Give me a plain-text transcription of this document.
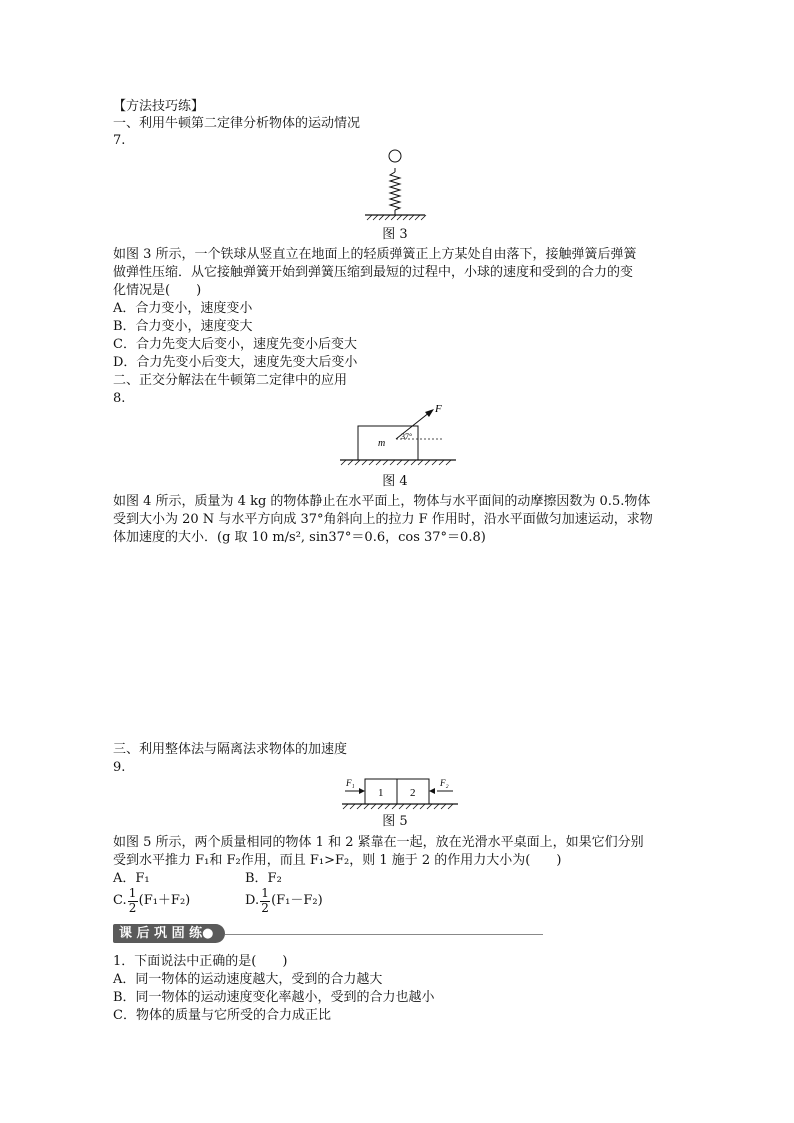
【方法技巧练】
一、利用牛顿第二定律分析物体的运动情况
7.
图 3
如图 3 所示，一个铁球从竖直立在地面上的轻质弹簧正上方某处自由落下，接触弹簧后弹簧
做弹性压缩．从它接触弹簧开始到弹簧压缩到最短的过程中，小球的速度和受到的合力的变
化情况是(　　)
A．合力变小，速度变小
B．合力变小，速度变大
C．合力先变大后变小，速度先变小后变大
D．合力先变小后变大，速度先变大后变小
二、正交分解法在牛顿第二定律中的应用
8.
m
37°
F
图 4
如图 4 所示，质量为 4 kg 的物体静止在水平面上，物体与水平面间的动摩擦因数为 0.5.物体
受到大小为 20 N 与水平方向成 37°角斜向上的拉力 F 作用时，沿水平面做匀加速运动，求物
体加速度的大小．(g 取 10 m/s², sin37°＝0.6，cos 37°＝0.8)
三、利用整体法与隔离法求物体的加速度
9.
1 2
F₁	F₂
图 5
如图 5 所示，两个质量相同的物体 1 和 2 紧靠在一起，放在光滑水平桌面上，如果它们分别
受到水平推力 F₁和 F₂作用，而且 F₁>F₂，则 1 施于 2 的作用力大小为(　　)
A．F₁	B．F₂
C. $\frac{1}{2} (F_1+F_2)$	D. $\frac{1}{2} (F_1-F_2)$
课 后 巩 固 练●
1．下面说法中正确的是(　　)
A．同一物体的运动速度越大，受到的合力越大
B．同一物体的运动速度变化率越小，受到的合力也越小
C．物体的质量与它所受的合力成正比
